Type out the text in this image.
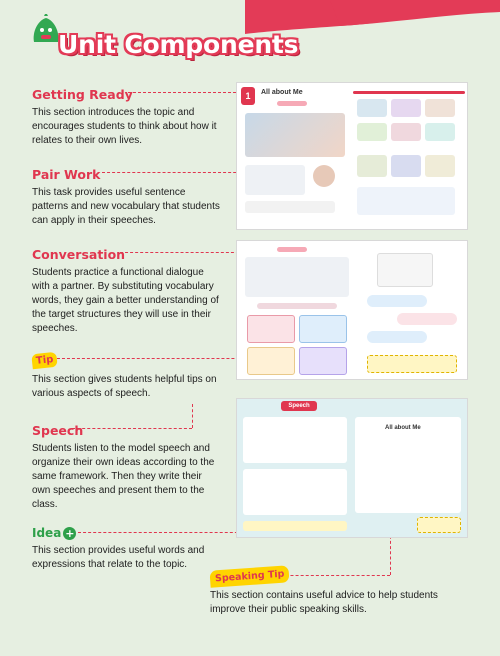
Unit Components
Getting Ready
This section introduces the topic and encourages students to think about how it relates to their own lives.
Pair Work
This task provides useful sentence patterns and new vocabulary that students can apply in their speeches.
Conversation
Students practice a functional dialogue with a partner. By substituting vocabulary words, they gain a better understanding of the target structures they will use in their speeches.
Tip
This section gives students helpful tips on various aspects of speech.
Speech
Students listen to the model speech and organize their own ideas according to the same framework. Then they write their own speeches and present them to the class.
Idea +
This section provides useful words and expressions that relate to the topic.
Speaking Tip
This section contains useful advice to help students improve their public speaking skills.
1	All about Me
Speech
All about Me
